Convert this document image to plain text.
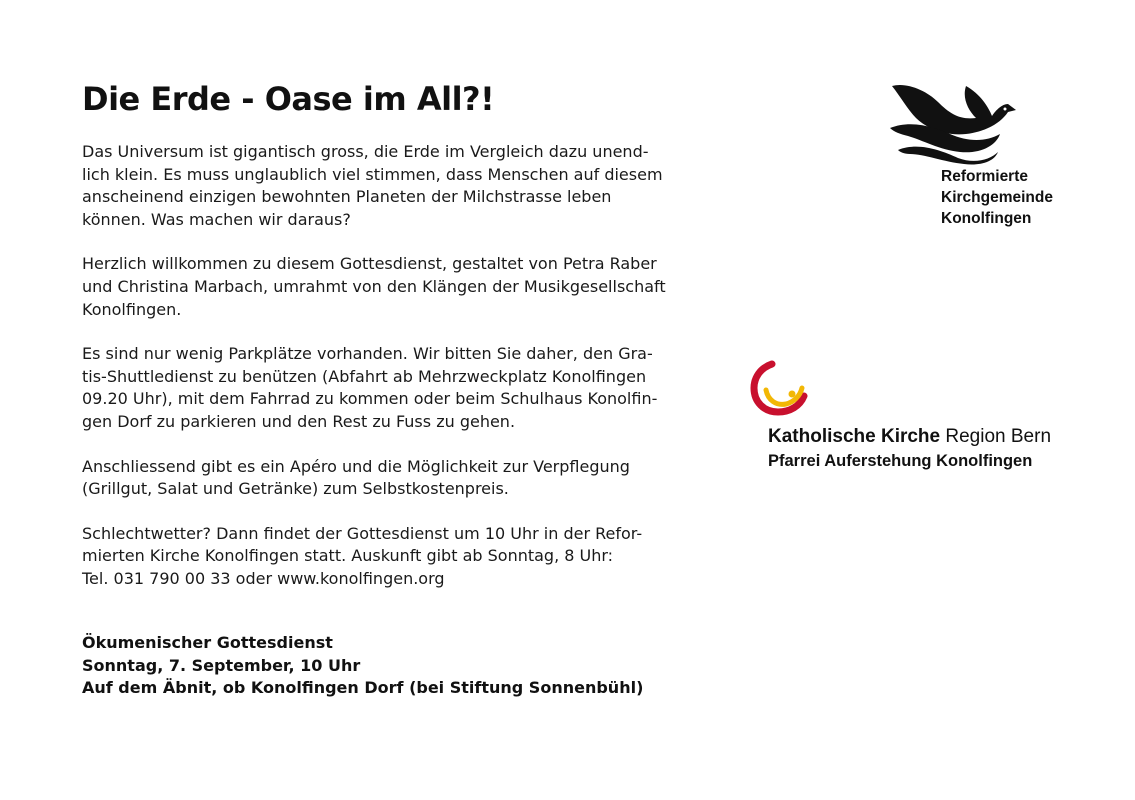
Die Erde - Oase im All?!

Das Universum ist gigantisch gross, die Erde im Vergleich dazu unend-
lich klein. Es muss unglaublich viel stimmen, dass Menschen auf diesem
anscheinend einzigen bewohnten Planeten der Milchstrasse leben
können. Was machen wir daraus?

Herzlich willkommen zu diesem Gottesdienst, gestaltet von Petra Raber
und Christina Marbach, umrahmt von den Klängen der Musikgesellschaft
Konolfingen.

Es sind nur wenig Parkplätze vorhanden. Wir bitten Sie daher, den Gra-
tis-Shuttledienst zu benützen (Abfahrt ab Mehrzweckplatz Konolfingen
09.20 Uhr), mit dem Fahrrad zu kommen oder beim Schulhaus Konolfin-
gen Dorf zu parkieren und den Rest zu Fuss zu gehen.

Anschliessend gibt es ein Apéro und die Möglichkeit zur Verpflegung
(Grillgut, Salat und Getränke) zum Selbstkostenpreis.

Schlechtwetter? Dann findet der Gottesdienst um 10 Uhr in der Refor-
mierten Kirche Konolfingen statt. Auskunft gibt ab Sonntag, 8 Uhr:
Tel. 031 790 00 33 oder www.konolfingen.org

Ökumenischer Gottesdienst
Sonntag, 7. September, 10 Uhr
Auf dem Äbnit, ob Konolfingen Dorf (bei Stiftung Sonnenbühl)
Reformierte
Kirchgemeinde
Konolfingen
Katholische Kirche Region Bern
Pfarrei Auferstehung Konolfingen
